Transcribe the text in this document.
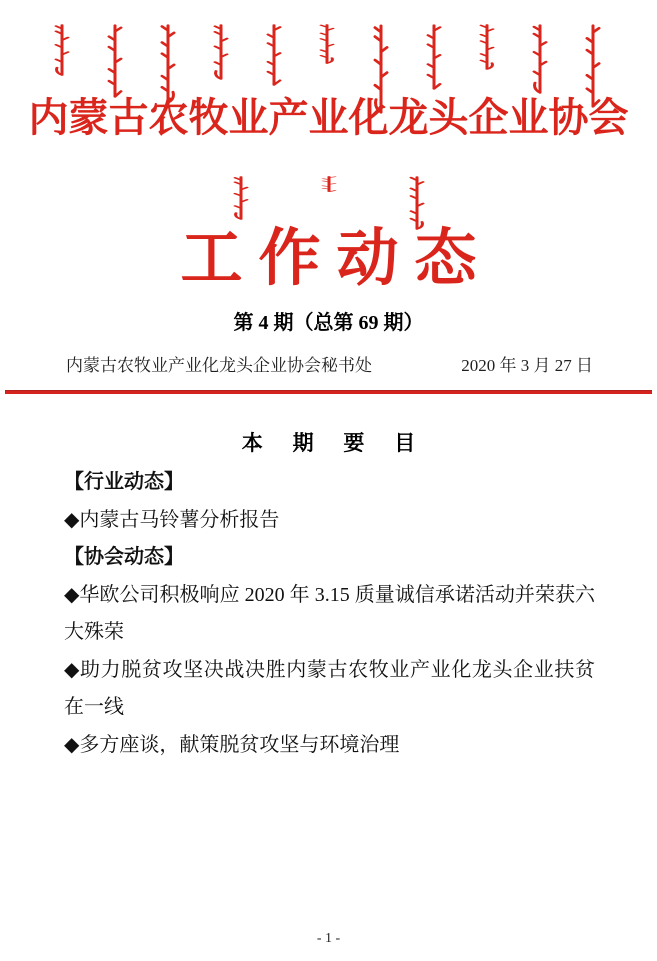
内蒙古农牧业产业化龙头企业协会
工作动态
第 4 期（总第 69 期）
内蒙古农牧业产业化龙头企业协会秘书处	2020 年 3 月 27 日
本 期 要 目
【行业动态】
◆内蒙古马铃薯分析报告
【协会动态】
◆华欧公司积极响应 2020 年 3.15 质量诚信承诺活动并荣获六大殊荣
◆助力脱贫攻坚决战决胜内蒙古农牧业产业化龙头企业扶贫在一线
◆多方座谈，献策脱贫攻坚与环境治理
- 1 -
